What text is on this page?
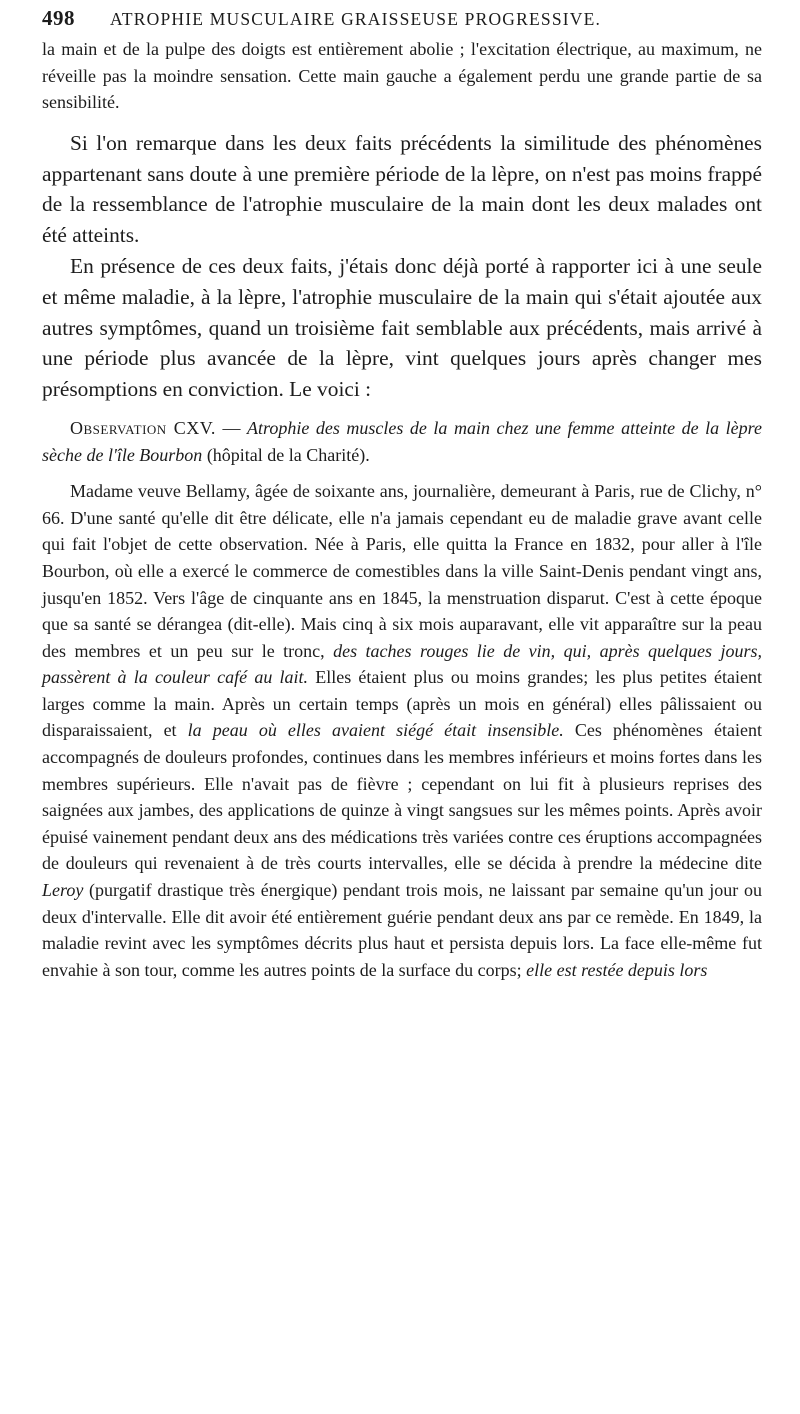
498 ATROPHIE MUSCULAIRE GRAISSEUSE PROGRESSIVE.

la main et de la pulpe des doigts est entièrement abolie ; l'excitation électrique, au maximum, ne réveille pas la moindre sensation. Cette main gauche a également perdu une grande partie de sa sensibilité.

Si l'on remarque dans les deux faits précédents la similitude des phénomènes appartenant sans doute à une première période de la lèpre, on n'est pas moins frappé de la ressemblance de l'atrophie musculaire de la main dont les deux malades ont été atteints.

En présence de ces deux faits, j'étais donc déjà porté à rapporter ici à une seule et même maladie, à la lèpre, l'atrophie musculaire de la main qui s'était ajoutée aux autres symptômes, quand un troisième fait semblable aux précédents, mais arrivé à une période plus avancée de la lèpre, vint quelques jours après changer mes présomptions en conviction. Le voici :

Observation CXV. — Atrophie des muscles de la main chez une femme atteinte de la lèpre sèche de l'île Bourbon (hôpital de la Charité).

Madame veuve Bellamy, âgée de soixante ans, journalière, demeurant à Paris, rue de Clichy, n° 66. D'une santé qu'elle dit être délicate, elle n'a jamais cependant eu de maladie grave avant celle qui fait l'objet de cette observation. Née à Paris, elle quitta la France en 1832, pour aller à l'île Bourbon, où elle a exercé le commerce de comestibles dans la ville Saint-Denis pendant vingt ans, jusqu'en 1852. Vers l'âge de cinquante ans en 1845, la menstruation disparut. C'est à cette époque que sa santé se dérangea (dit-elle). Mais cinq à six mois auparavant, elle vit apparaître sur la peau des membres et un peu sur le tronc, des taches rouges lie de vin, qui, après quelques jours, passèrent à la couleur café au lait. Elles étaient plus ou moins grandes; les plus petites étaient larges comme la main. Après un certain temps (après un mois en général) elles pâlissaient ou disparaissaient, et la peau où elles avaient siégé était insensible. Ces phénomènes étaient accompagnés de douleurs profondes, continues dans les membres inférieurs et moins fortes dans les membres supérieurs. Elle n'avait pas de fièvre ; cependant on lui fit à plusieurs reprises des saignées aux jambes, des applications de quinze à vingt sangsues sur les mêmes points. Après avoir épuisé vainement pendant deux ans des médications très variées contre ces éruptions accompagnées de douleurs qui revenaient à de très courts intervalles, elle se décida à prendre la médecine dite Leroy (purgatif drastique très énergique) pendant trois mois, ne laissant par semaine qu'un jour ou deux d'intervalle. Elle dit avoir été entièrement guérie pendant deux ans par ce remède. En 1849, la maladie revint avec les symptômes décrits plus haut et persista depuis lors. La face elle-même fut envahie à son tour, comme les autres points de la surface du corps; elle est restée depuis lors
